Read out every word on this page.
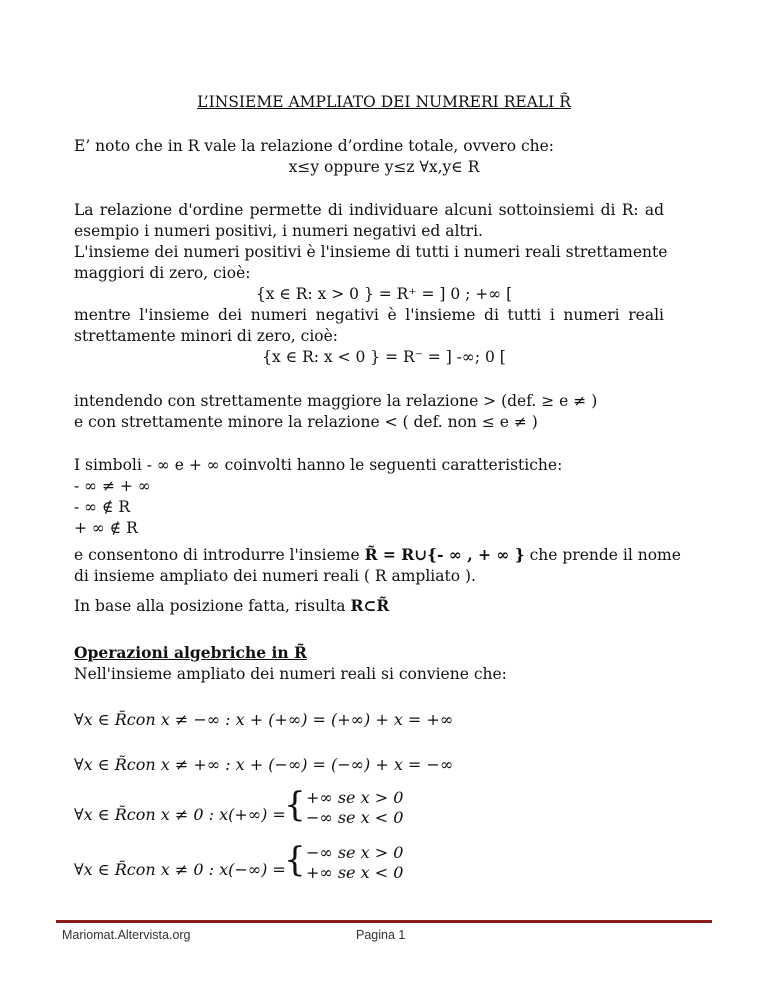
L’INSIEME AMPLIATO DEI NUMRERI REALI R̃
E’ noto che in R vale la relazione d’ordine totale, ovvero che:
x≤y oppure y≤z ∀x,y∈ R
La relazione d'ordine permette di individuare alcuni sottoinsiemi di R: ad
esempio i numeri positivi, i numeri negativi ed altri.
L'insieme dei numeri positivi è l'insieme di tutti i numeri reali strettamente
maggiori di zero, cioè:
{x ∈ R: x > 0 } = R⁺ = ] 0 ; +∞ [
mentre l'insieme dei numeri negativi è l'insieme di tutti i numeri reali
strettamente minori di zero, cioè:
{x ∈ R: x < 0 } = R⁻ = ] -∞; 0 [
intendendo con strettamente maggiore la relazione > (def. ≥ e ≠ )
e con strettamente minore la relazione < ( def. non ≤ e ≠ )
I simboli - ∞ e + ∞ coinvolti hanno le seguenti caratteristiche:
- ∞ ≠ + ∞
- ∞ ∉ R
+ ∞ ∉ R
e consentono di introdurre l'insieme R̃ = R∪{- ∞ , + ∞ } che prende il nome
di insieme ampliato dei numeri reali ( R ampliato ).
In base alla posizione fatta, risulta R⊂R̃
Operazioni algebriche in R̃
Nell'insieme ampliato dei numeri reali si conviene che:
∀x ∈ R̃con x ≠ −∞ : x + (+∞) = (+∞) + x = +∞
∀x ∈ R̃con x ≠ +∞ : x + (−∞) = (−∞) + x = −∞
∀x ∈ R̃con x ≠ 0 : x(+∞) =
{ +∞ se x > 0
−∞ se x < 0
∀x ∈ R̃con x ≠ 0 : x(−∞) =
{ −∞ se x > 0
+∞ se x < 0
Mariomat.Altervista.org	Pagina 1
